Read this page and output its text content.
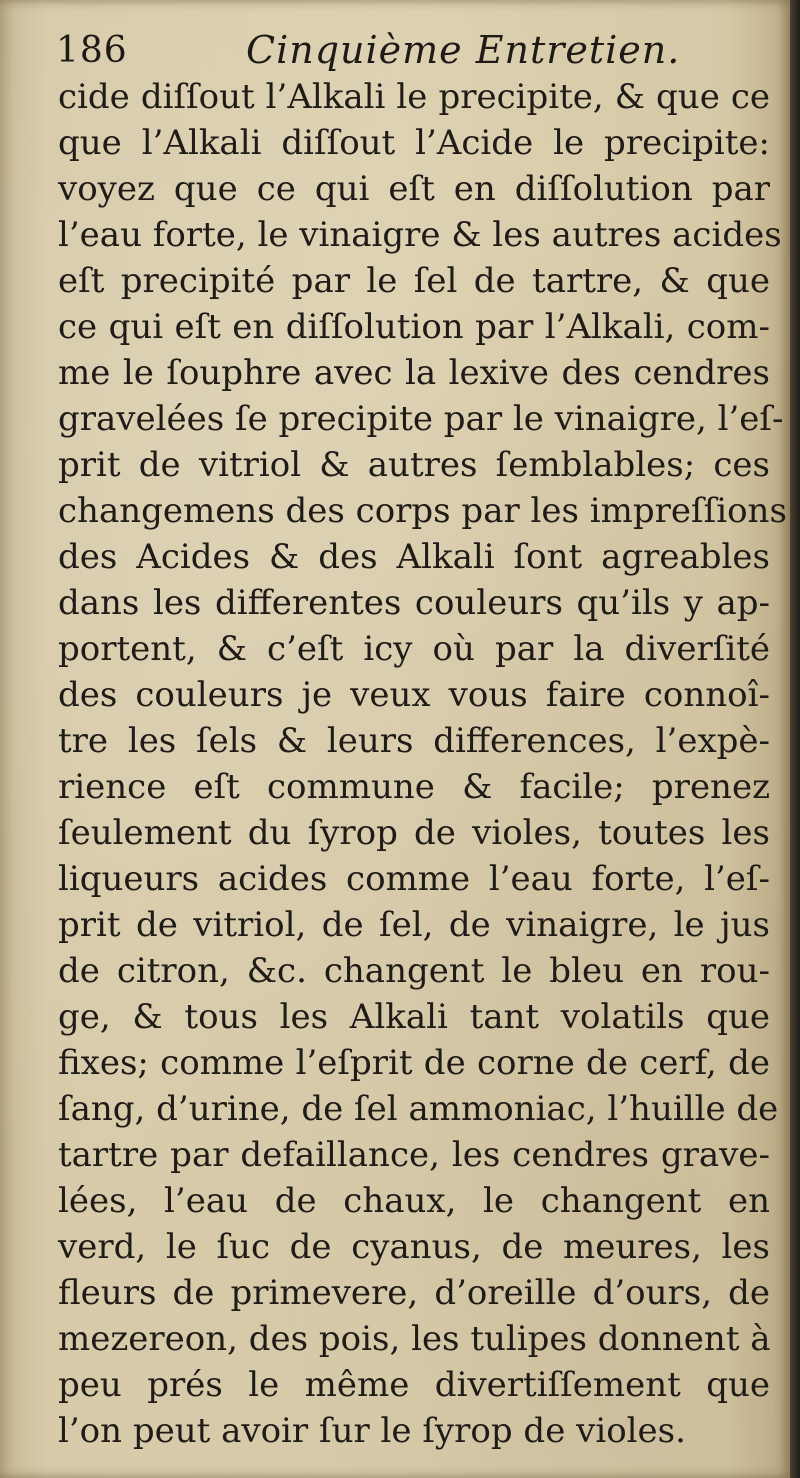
186	Cinquième Entretien.
cide diſſout l’Alkali le precipite, & que ce
que l’Alkali diſſout l’Acide le precipite:
voyez que ce qui eſt en diſſolution par
l’eau forte, le vinaigre & les autres acides
eſt precipité par le ſel de tartre, & que
ce qui eſt en diſſolution par l’Alkali, com-
me le ſouphre avec la lexive des cendres
gravelées ſe precipite par le vinaigre, l’eſ-
prit de vitriol & autres ſemblables; ces
changemens des corps par les impreſſions
des Acides & des Alkali ſont agreables
dans les differentes couleurs qu’ils y ap-
portent, & c’eſt icy où par la diverſité
des couleurs je veux vous faire connoî-
tre les ſels & leurs differences, l’expè-
rience eſt commune & facile; prenez
ſeulement du ſyrop de violes, toutes les
liqueurs acides comme l’eau forte, l’eſ-
prit de vitriol, de ſel, de vinaigre, le jus
de citron, &c. changent le bleu en rou-
ge, & tous les Alkali tant volatils que
fixes; comme l’eſprit de corne de cerf, de
ſang, d’urine, de ſel ammoniac, l’huille de
tartre par defaillance, les cendres grave-
lées, l’eau de chaux, le changent en
verd, le ſuc de cyanus, de meures, les
fleurs de primevere, d’oreille d’ours, de
mezereon, des pois, les tulipes donnent à
peu prés le même divertiſſement que
l’on peut avoir ſur le ſyrop de violes.
